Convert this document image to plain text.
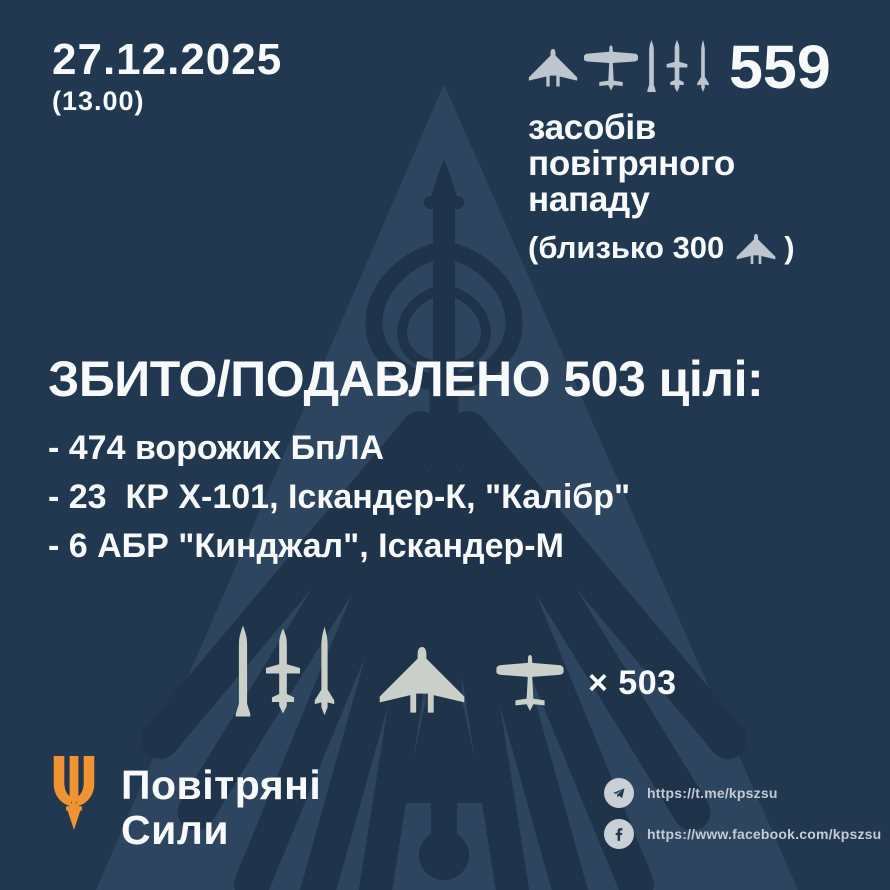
27.12.2025
(13.00)	559
засобів
повітряного
нападу
(близько 300 )
ЗБИТО/ПОДАВЛЕНО 503 цілі:
- 474 ворожих БпЛА
- 23  КР Х-101, Іскандер-К, "Калібр"
- 6 АБР "Кинджал", Іскандер-М
× 503
Повітряні
Сили
https://t.me/kpszsu
https://www.facebook.com/kpszsu
